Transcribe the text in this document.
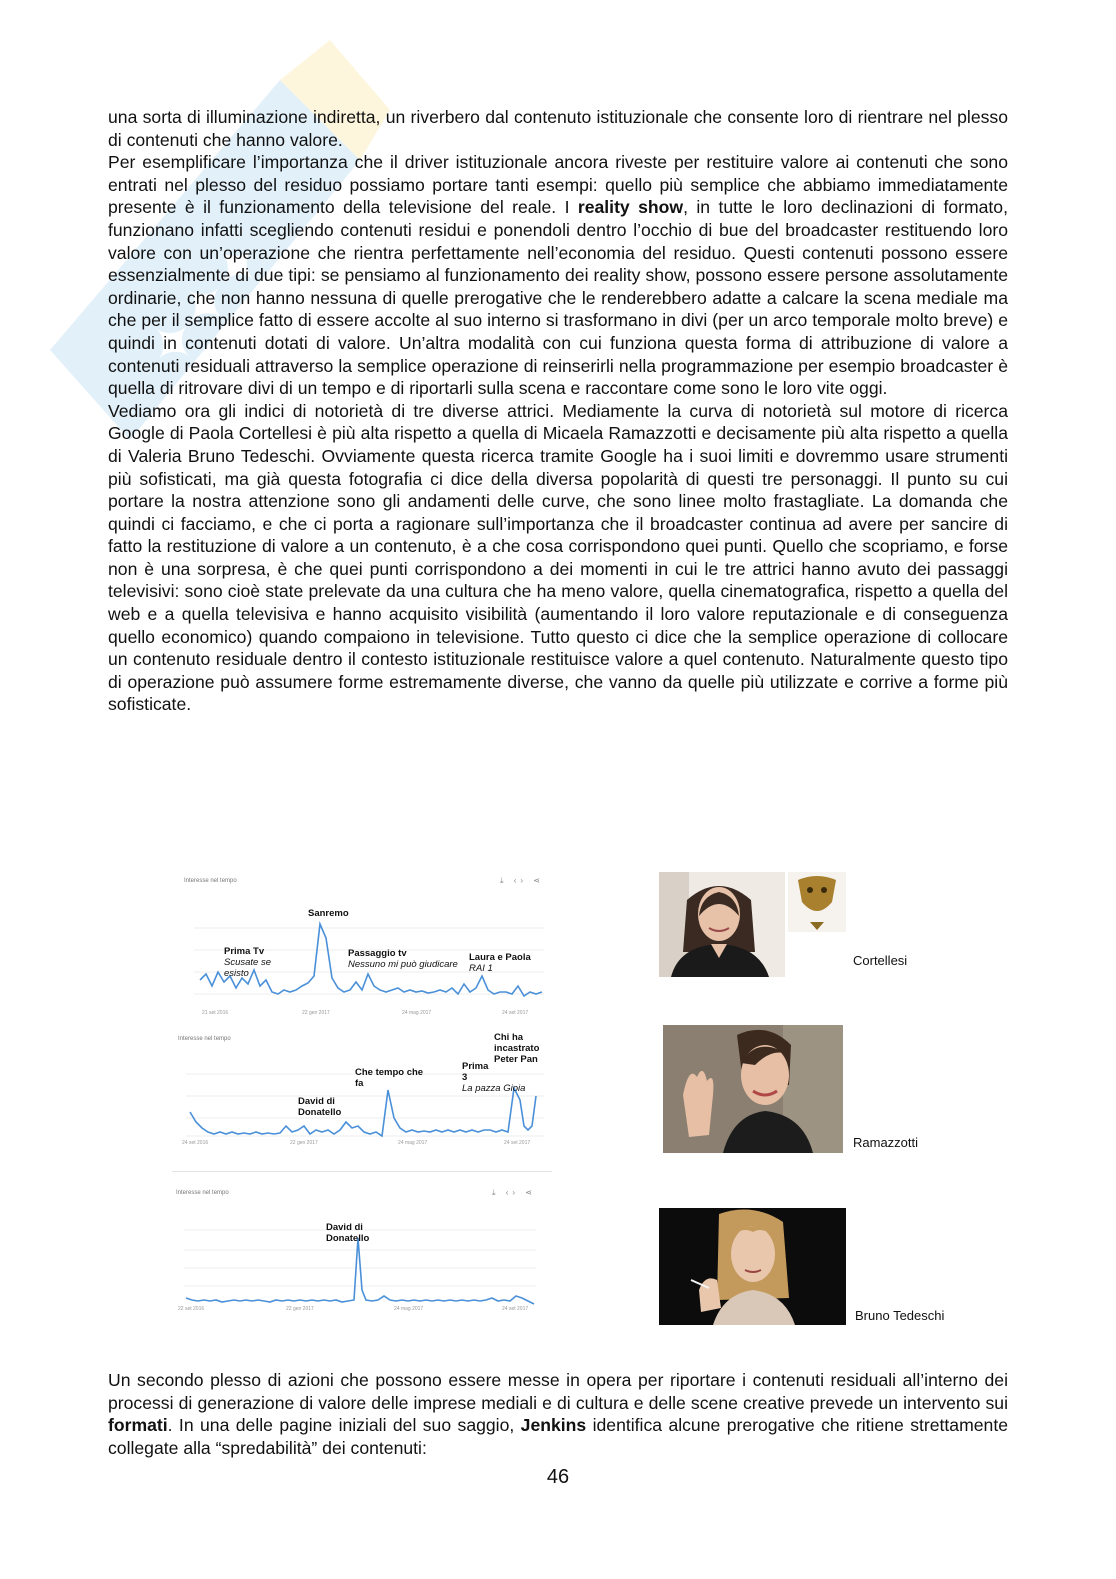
✦✦✦
una sorta di illuminazione indiretta, un riverbero dal contenuto istituzionale che consente loro di rientrare nel plesso di contenuti che hanno valore.
Per esemplificare l’importanza che il driver istituzionale ancora riveste per restituire valore ai contenuti che sono entrati nel plesso del residuo possiamo portare tanti esempi: quello più semplice che abbiamo immediatamente presente è il funzionamento della televisione del reale. I reality show, in tutte le loro declinazioni di formato, funzionano infatti scegliendo contenuti residui e ponendoli dentro l’occhio di bue del broadcaster restituendo loro valore con un’operazione che rientra perfettamente nell’economia del residuo. Questi contenuti possono essere essenzialmente di due tipi: se pensiamo al funzionamento dei reality show, possono essere persone assolutamente ordinarie, che non hanno nessuna di quelle prerogative che le renderebbero adatte a calcare la scena mediale ma che per il semplice fatto di essere accolte al suo interno si trasformano in divi (per un arco temporale molto breve) e quindi in contenuti dotati di valore. Un’altra modalità con cui funziona questa forma di attribuzione di valore a contenuti residuali attraverso la semplice operazione di reinserirli nella programmazione per esempio broadcaster è quella di ritrovare divi di un tempo e di riportarli sulla scena e raccontare come sono le loro vite oggi.
Vediamo ora gli indici di notorietà di tre diverse attrici. Mediamente la curva di notorietà sul motore di ricerca Google di Paola Cortellesi è più alta rispetto a quella di Micaela Ramazzotti e decisamente più alta rispetto a quella di Valeria Bruno Tedeschi. Ovviamente questa ricerca tramite Google ha i suoi limiti e dovremmo usare strumenti più sofisticati, ma già questa fotografia ci dice della diversa popolarità di questi tre personaggi. Il punto su cui portare la nostra attenzione sono gli andamenti delle curve, che sono linee molto frastagliate. La domanda che quindi ci facciamo, e che ci porta a ragionare sull’importanza che il broadcaster continua ad avere per sancire di fatto la restituzione di valore a un contenuto, è a che cosa corrispondono quei punti. Quello che scopriamo, e forse non è una sorpresa, è che quei punti corrispondono a dei momenti in cui le tre attrici hanno avuto dei passaggi televisivi: sono cioè state prelevate da una cultura che ha meno valore, quella cinematografica, rispetto a quella del web e a quella televisiva e hanno acquisito visibilità (aumentando il loro valore reputazionale e di conseguenza quello economico) quando compaiono in televisione. Tutto questo ci dice che la semplice operazione di collocare un contenuto residuale dentro il contesto istituzionale restituisce valore a quel contenuto. Naturalmente questo tipo di operazione può assumere forme estremamente diverse, che vanno da quelle più utilizzate e corrive a forme più sofisticate.
Interesse nel tempo	⤓ ‹› ⋖
21 set 2016	22 gen 2017	24 mag 2017	24 set 2017
Prima Tv
Scusate se
esisto
Sanremo
Passaggio tv
Nessuno mi può giudicare
Laura e Paola
RAI 1
Interesse nel tempo
24 set 2016	22 gen 2017	24 mag 2017	24 set 2017
David di
Donatello
Che tempo che
fa
Prima
3
La pazza Gioia
Chi ha
incastrato
Peter Pan
Interesse nel tempo	⤓ ‹› ⋖
22 set 2016	22 gen 2017	24 mag 2017	24 set 2017
David di
Donatello
Cortellesi
Ramazzotti
Bruno Tedeschi
Un secondo plesso di azioni che possono essere messe in opera per riportare i contenuti residuali all’interno dei processi di generazione di valore delle imprese mediali e di cultura e delle scene creative prevede un intervento sui formati. In una delle pagine iniziali del suo saggio, Jenkins identifica alcune prerogative che ritiene strettamente collegate alla “spredabilità” dei contenuti:
46
